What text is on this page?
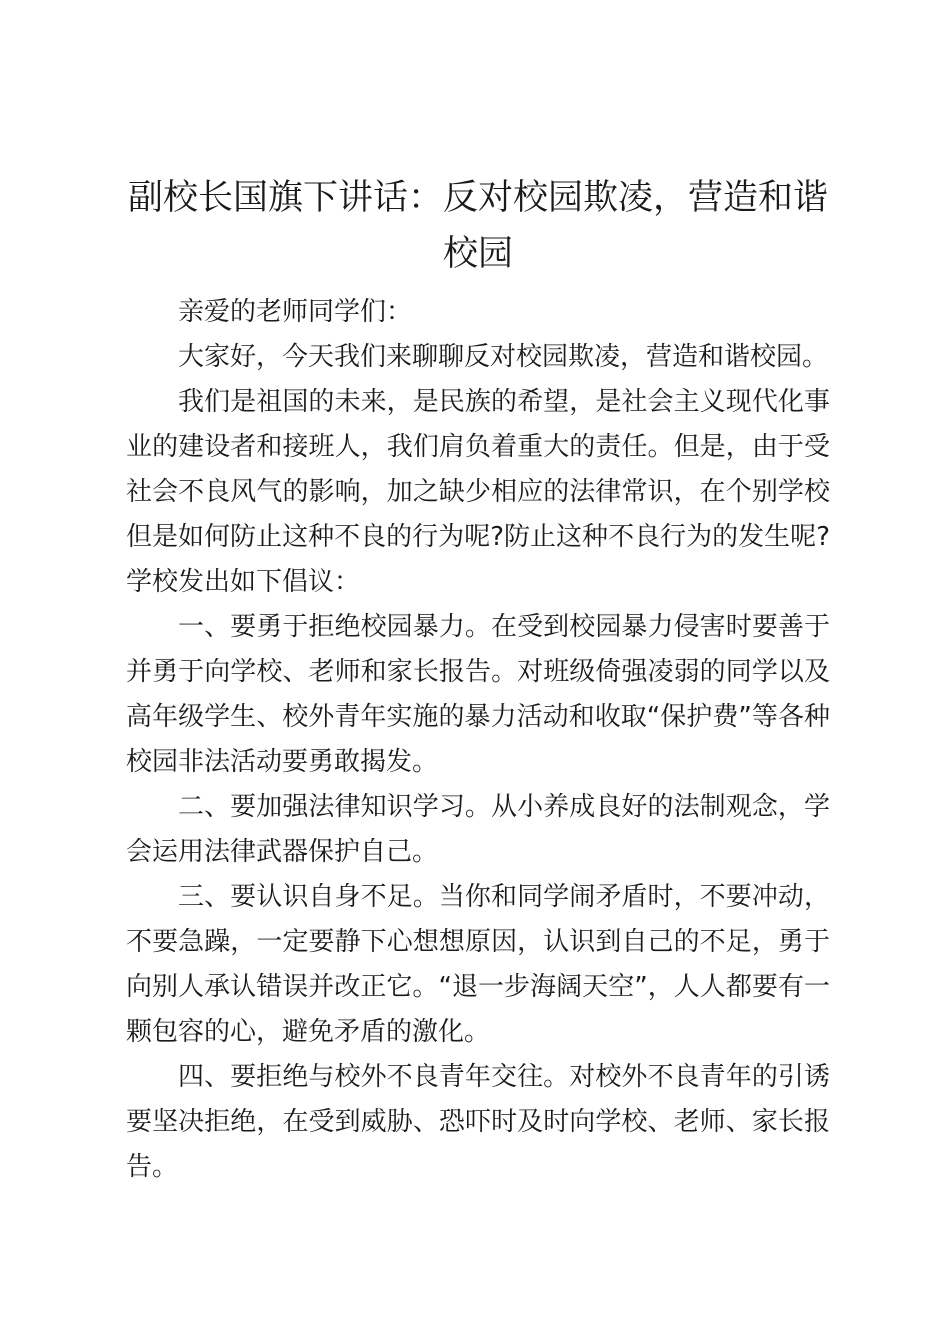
副校长国旗下讲话：反对校园欺凌，营造和谐校园

亲爱的老师同学们：

大家好，今天我们来聊聊反对校园欺凌，营造和谐校园。

我们是祖国的未来，是民族的希望，是社会主义现代化事业的建设者和接班人，我们肩负着重大的责任。但是，由于受社会不良风气的影响，加之缺少相应的法律常识，在个别学校但是如何防止这种不良的行为呢?防止这种不良行为的发生呢?学校发出如下倡议：

一、要勇于拒绝校园暴力。在受到校园暴力侵害时要善于并勇于向学校、老师和家长报告。对班级倚强凌弱的同学以及高年级学生、校外青年实施的暴力活动和收取“保护费”等各种校园非法活动要勇敢揭发。

二、要加强法律知识学习。从小养成良好的法制观念，学会运用法律武器保护自己。

三、要认识自身不足。当你和同学闹矛盾时，不要冲动，不要急躁，一定要静下心想想原因，认识到自己的不足，勇于向别人承认错误并改正它。“退一步海阔天空”，人人都要有一颗包容的心，避免矛盾的激化。

四、要拒绝与校外不良青年交往。对校外不良青年的引诱要坚决拒绝，在受到威胁、恐吓时及时向学校、老师、家长报告。
